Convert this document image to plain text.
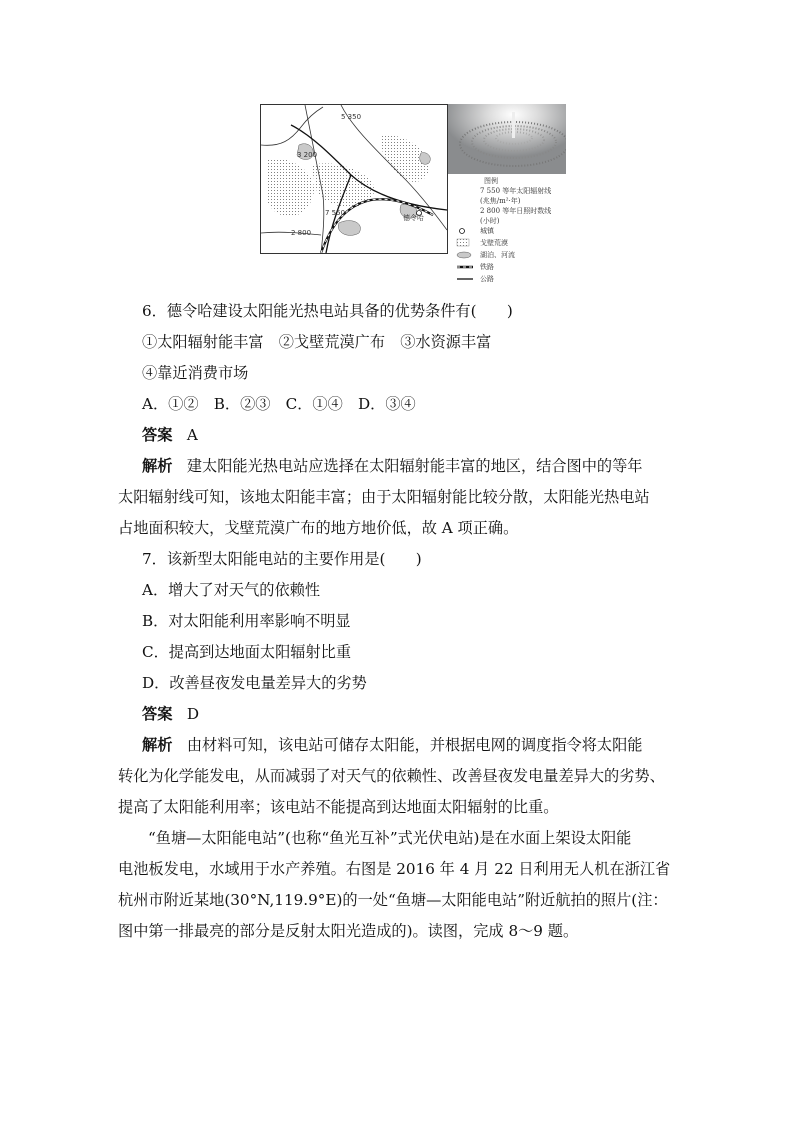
5 350
3 200
7 550
2 800
德令哈
图例
7 550 等年太阳辐射线
(兆焦/m²·年)
2 800 等年日照时数线
(小时)
城镇
戈壁荒漠
湖泊、河流
铁路
公路
6．德令哈建设太阳能光热电站具备的优势条件有(　　)
①太阳辐射能丰富　②戈壁荒漠广布　③水资源丰富
④靠近消费市场
A．①②　B．②③　C．①④　D．③④
答案 A
解析 建太阳能光热电站应选择在太阳辐射能丰富的地区，结合图中的等年
太阳辐射线可知，该地太阳能丰富；由于太阳辐射能比较分散，太阳能光热电站
占地面积较大，戈壁荒漠广布的地方地价低，故 A 项正确。
7．该新型太阳能电站的主要作用是(　　)
A．增大了对天气的依赖性
B．对太阳能利用率影响不明显
C．提高到达地面太阳辐射比重
D．改善昼夜发电量差异大的劣势
答案 D
解析 由材料可知，该电站可储存太阳能，并根据电网的调度指令将太阳能
转化为化学能发电，从而减弱了对天气的依赖性、改善昼夜发电量差异大的劣势、
提高了太阳能利用率；该电站不能提高到达地面太阳辐射的比重。
“鱼塘—太阳能电站”(也称“鱼光互补”式光伏电站)是在水面上架设太阳能
电池板发电，水域用于水产养殖。右图是 2016 年 4 月 22 日利用无人机在浙江省
杭州市附近某地(30°N,119.9°E)的一处“鱼塘—太阳能电站”附近航拍的照片(注：
图中第一排最亮的部分是反射太阳光造成的)。读图，完成 8～9 题。
